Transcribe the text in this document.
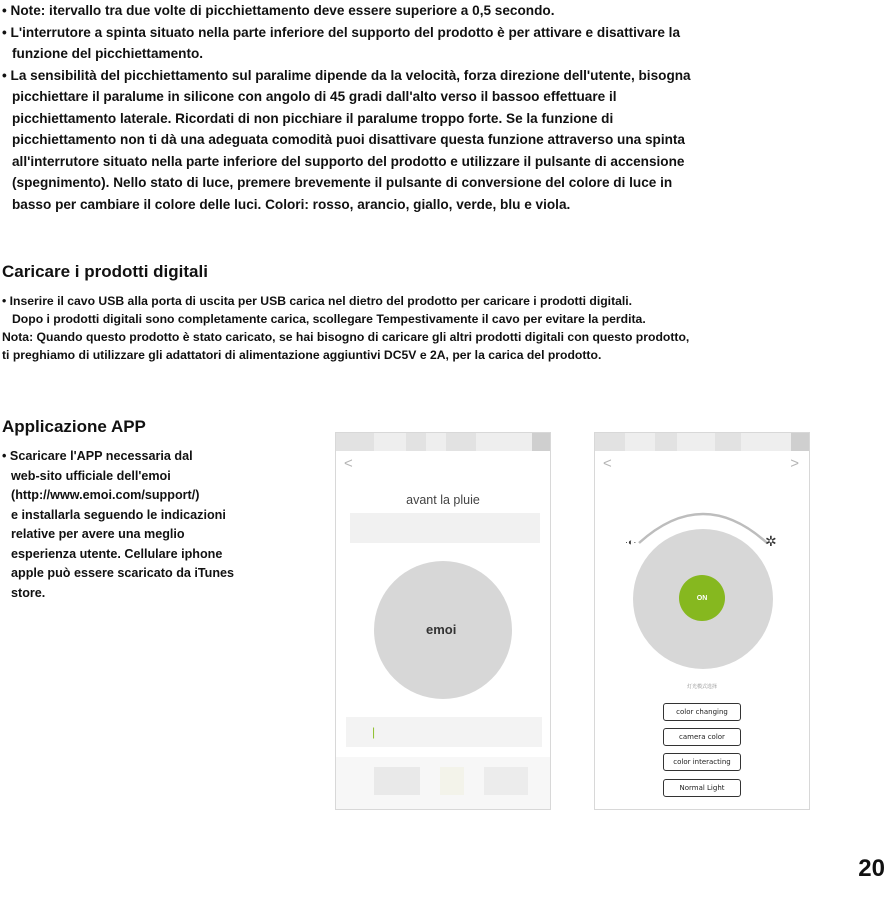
• Note: itervallo tra due volte di picchiettamento deve essere superiore a 0,5 secondo.

• L'interrutore a spinta situato nella parte inferiore del supporto del prodotto è per attivare e disattivare la
funzione del picchiettamento.

• La sensibilità del picchiettamento sul paralime dipende da la velocità, forza direzione dell'utente, bisogna
picchiettare il paralume in silicone con angolo di 45 gradi dall'alto verso il bassoo effettuare il
picchiettamento laterale. Ricordati di non picchiare il paralume troppo forte. Se la funzione di
picchiettamento non ti dà una adeguata comodità puoi disattivare questa funzione attraverso una spinta
all'interrutore situato nella parte inferiore del supporto del prodotto e utilizzare il pulsante di accensione
(spegnimento). Nello stato di luce, premere brevemente il pulsante di conversione del colore di luce in
basso per cambiare il colore delle luci. Colori: rosso, arancio, giallo, verde, blu e viola.

Caricare i prodotti digitali

• Inserire il cavo USB alla porta di uscita per USB carica nel dietro del prodotto per caricare i prodotti digitali.
Dopo i prodotti digitali sono completamente carica, scollegare Tempestivamente il cavo per evitare la perdita.

Nota: Quando questo prodotto è stato caricato, se hai bisogno di caricare gli altri prodotti digitali con questo prodotto,
ti preghiamo di utilizzare gli adattatori di alimentazione aggiuntivi DC5V e 2A, per la carica del prodotto.

Applicazione APP

• Scaricare l'APP necessaria dal
web-sito ufficiale dell'emoi
(http://www.emoi.com/support/)
e installarla seguendo le indicazioni
relative per avere una meglio
esperienza utente. Cellulare iphone
apple può essere scaricato da iTunes
store.

<
avant la pluie
emoi
|
<	>
·◐·	✲
ON
灯光模式选择
color changing
camera color
color interacting
Normal Light
20
